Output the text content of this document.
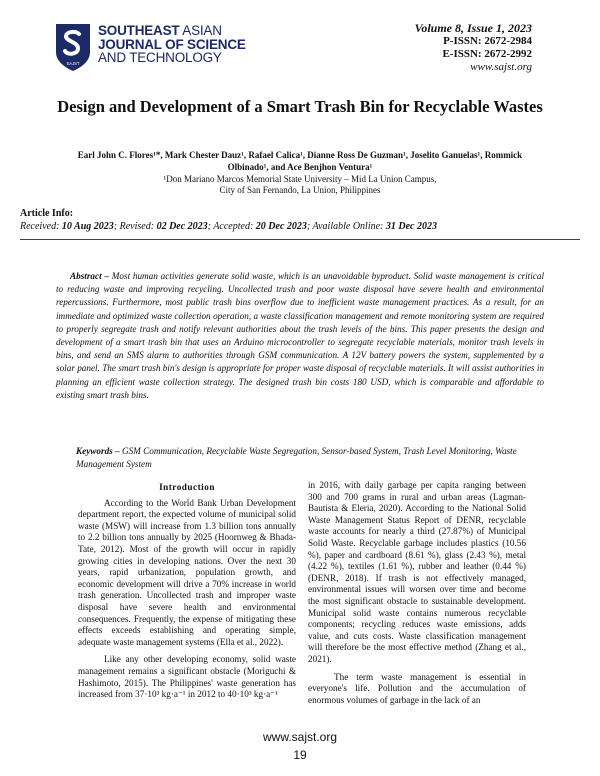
SAJST
SOUTHEAST ASIAN
JOURNAL OF SCIENCE
AND TECHNOLOGY
Volume 8, Issue 1, 2023
P-ISSN: 2672-2984
E-ISSN: 2672-2992
www.sajst.org
Design and Development of a Smart Trash Bin for Recyclable Wastes
Earl John C. Flores¹*, Mark Chester Dauz¹, Rafael Calica¹, Dianne Ross De Guzman¹, Joselito Ganuelas¹, Rommick Olbinado¹, and Ace Benjhon Ventura¹
¹Don Mariano Marcos Memorial State University – Mid La Union Campus,
City of San Fernando, La Union, Philippines
Article Info:
Received: 10 Aug 2023; Revised: 02 Dec 2023; Accepted: 20 Dec 2023; Available Online: 31 Dec 2023
Abstract – Most human activities generate solid waste, which is an unavoidable byproduct. Solid waste management is critical to reducing waste and improving recycling. Uncollected trash and poor waste disposal have severe health and environmental repercussions. Furthermore, most public trash bins overflow due to inefficient waste management practices. As a result, for an immediate and optimized waste collection operation, a waste classification management and remote monitoring system are required to properly segregate trash and notify relevant authorities about the trash levels of the bins. This paper presents the design and development of a smart trash bin that uses an Arduino microcontroller to segregate recyclable materials, monitor trash levels in bins, and send an SMS alarm to authorities through GSM communication. A 12V battery powers the system, supplemented by a solar panel. The smart trash bin's design is appropriate for proper waste disposal of recyclable materials. It will assist authorities in planning an efficient waste collection strategy. The designed trash bin costs 180 USD, which is comparable and affordable to existing smart trash bins.
Keywords – GSM Communication, Recyclable Waste Segregation, Sensor-based System, Trash Level Monitoring, Waste Management System
Introduction

According to the World Bank Urban Development department report, the expected volume of municipal solid waste (MSW) will increase from 1.3 billion tons annually to 2.2 billion tons annually by 2025 (Hoornweg & Bhada-Tate, 2012). Most of the growth will occur in rapidly growing cities in developing nations. Over the next 30 years, rapid urbanization, population growth, and economic development will drive a 70% increase in world trash generation. Uncollected trash and improper waste disposal have severe health and environmental consequences. Frequently, the expense of mitigating these effects exceeds establishing and operating simple, adequate waste management systems (Ella et al., 2022).

Like any other developing economy, solid waste management remains a significant obstacle (Moriguchi & Hashimoto, 2015). The Philippines' waste generation has increased from 37·10³ kg·a⁻¹ in 2012 to 40·10³ kg·a⁻¹

in 2016, with daily garbage per capita ranging between 300 and 700 grams in rural and urban areas (Lagman-Bautista & Eleria, 2020). According to the National Solid Waste Management Status Report of DENR, recyclable waste accounts for nearly a third (27.87%) of Municipal Solid Waste. Recyclable garbage includes plastics (10.56 %), paper and cardboard (8.61 %), glass (2.43 %), metal (4.22 %), textiles (1.61 %), rubber and leather (0.44 %) (DENR, 2018). If trash is not effectively managed, environmental issues will worsen over time and become the most significant obstacle to sustainable development. Municipal solid waste contains numerous recyclable components; recycling reduces waste emissions, adds value, and cuts costs. Waste classification management will therefore be the most effective method (Zhang et al., 2021).

The term waste management is essential in everyone's life. Pollution and the accumulation of enormous volumes of garbage in the lack of an

www.sajst.org
19
